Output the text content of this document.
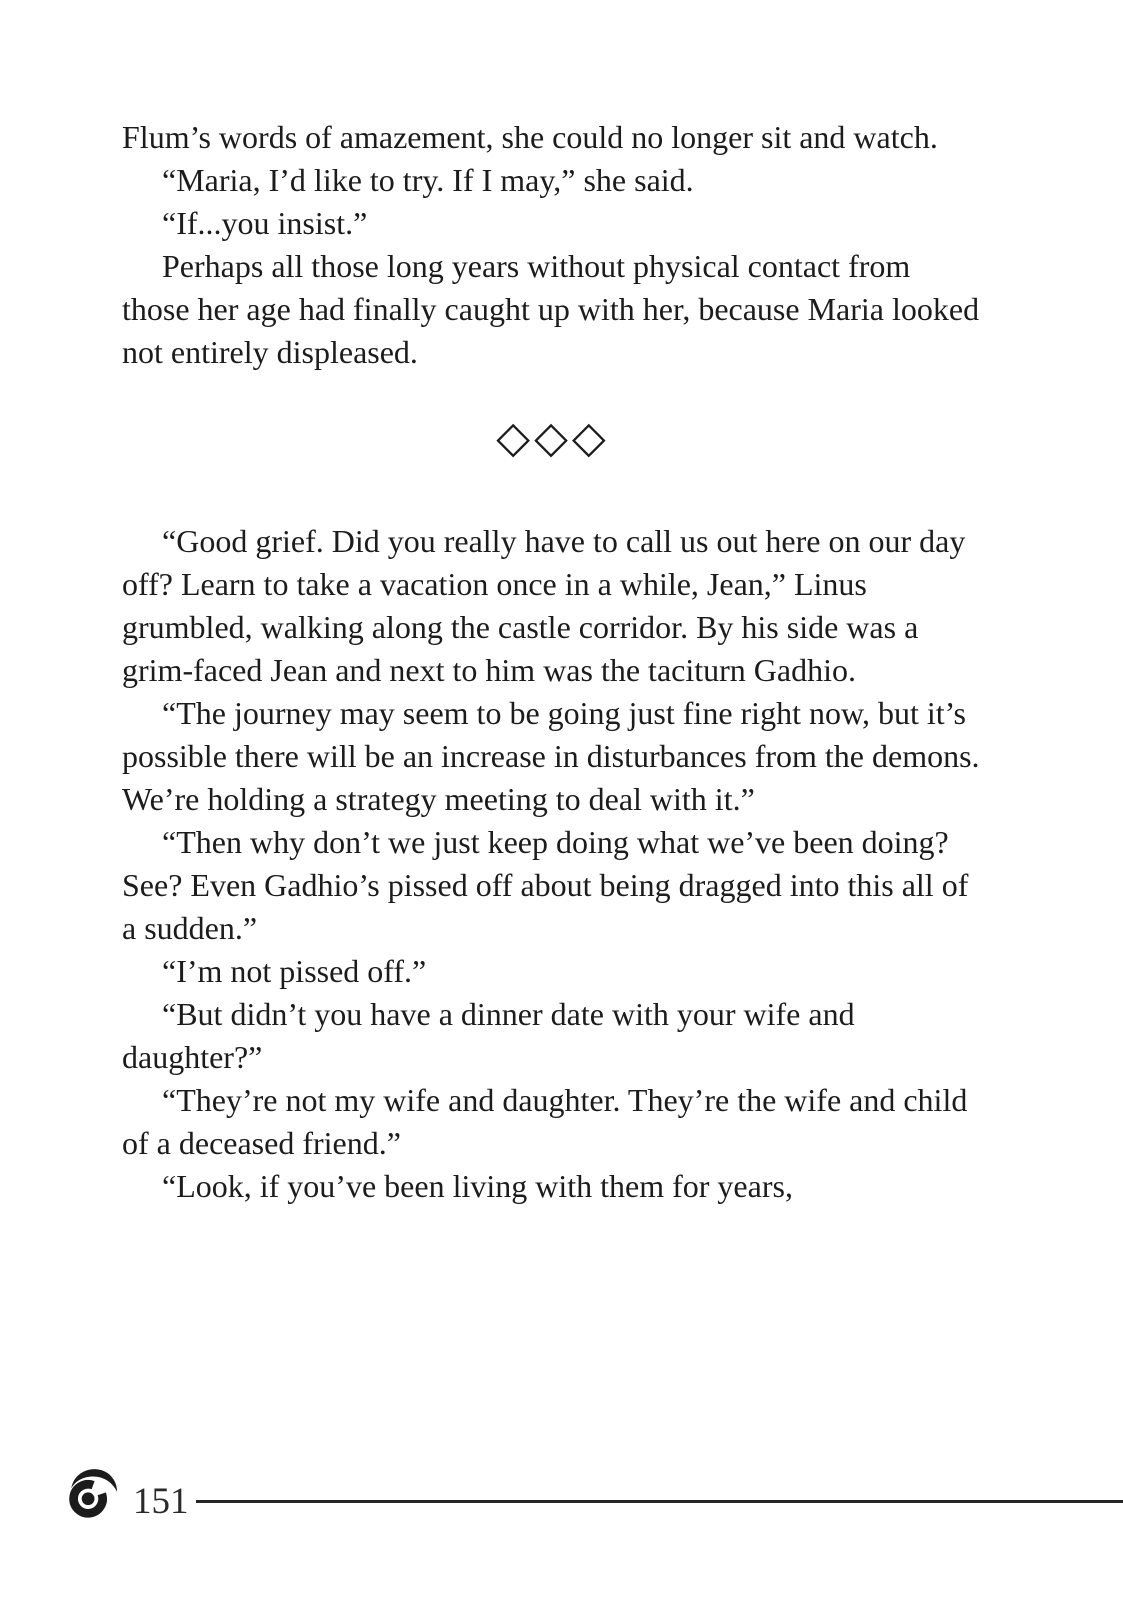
Flum’s words of amazement, she could no longer sit and watch.

“Maria, I’d like to try. If I may,” she said.

“If...you insist.”

Perhaps all those long years without physical contact from those her age had finally caught up with her, because Maria looked not entirely displeased.

◇◇◇

“Good grief. Did you really have to call us out here on our day off? Learn to take a vacation once in a while, Jean,” Linus grumbled, walking along the castle corridor. By his side was a grim-faced Jean and next to him was the taciturn Gadhio.

“The journey may seem to be going just fine right now, but it’s possible there will be an increase in disturbances from the demons. We’re holding a strategy meeting to deal with it.”

“Then why don’t we just keep doing what we’ve been doing? See? Even Gadhio’s pissed off about being dragged into this all of a sudden.”

“I’m not pissed off.”

“But didn’t you have a dinner date with your wife and daughter?”

“They’re not my wife and daughter. They’re the wife and child of a deceased friend.”

“Look, if you’ve been living with them for years,

151
